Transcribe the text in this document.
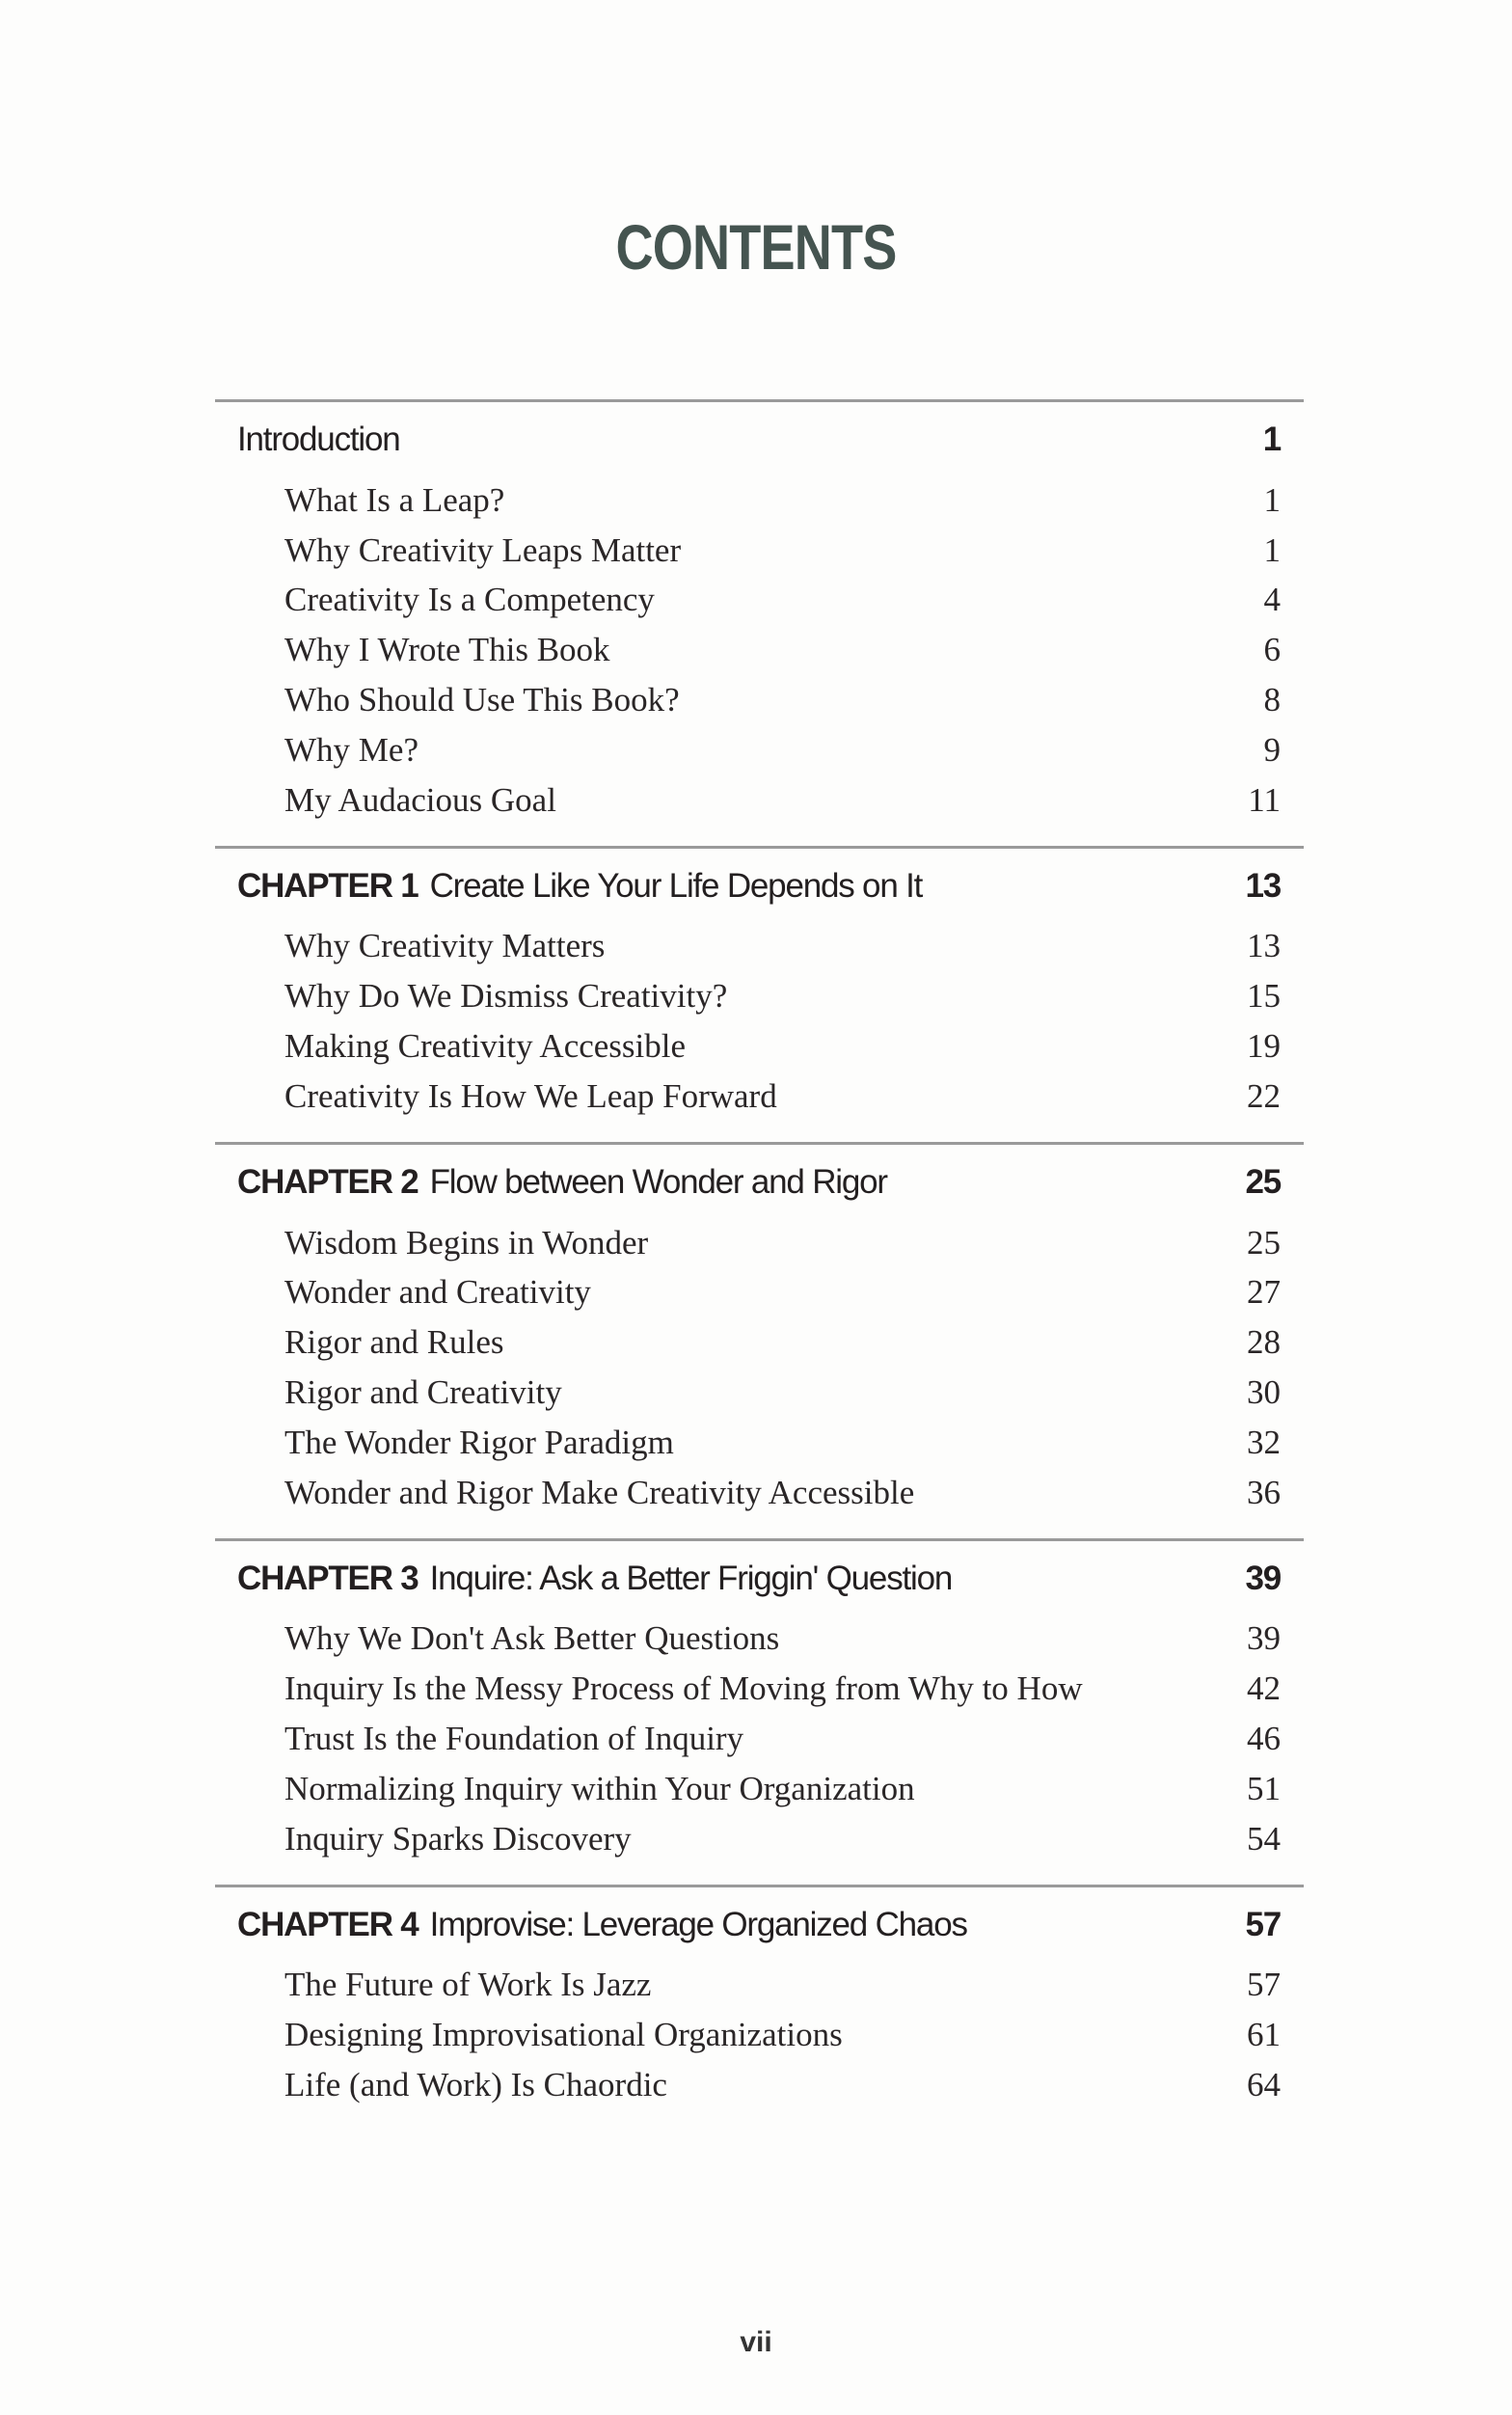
CONTENTS
Introduction	1
What Is a Leap?	1
Why Creativity Leaps Matter	1
Creativity Is a Competency	4
Why I Wrote This Book	6
Who Should Use This Book?	8
Why Me?	9
My Audacious Goal	11
CHAPTER 1 Create Like Your Life Depends on It	13
Why Creativity Matters	13
Why Do We Dismiss Creativity?	15
Making Creativity Accessible	19
Creativity Is How We Leap Forward	22
CHAPTER 2 Flow between Wonder and Rigor	25
Wisdom Begins in Wonder	25
Wonder and Creativity	27
Rigor and Rules	28
Rigor and Creativity	30
The Wonder Rigor Paradigm	32
Wonder and Rigor Make Creativity Accessible	36
CHAPTER 3 Inquire: Ask a Better Friggin' Question	39
Why We Don't Ask Better Questions	39
Inquiry Is the Messy Process of Moving from Why to How	42
Trust Is the Foundation of Inquiry	46
Normalizing Inquiry within Your Organization	51
Inquiry Sparks Discovery	54
CHAPTER 4 Improvise: Leverage Organized Chaos	57
The Future of Work Is Jazz	57
Designing Improvisational Organizations	61
Life (and Work) Is Chaordic	64
vii
